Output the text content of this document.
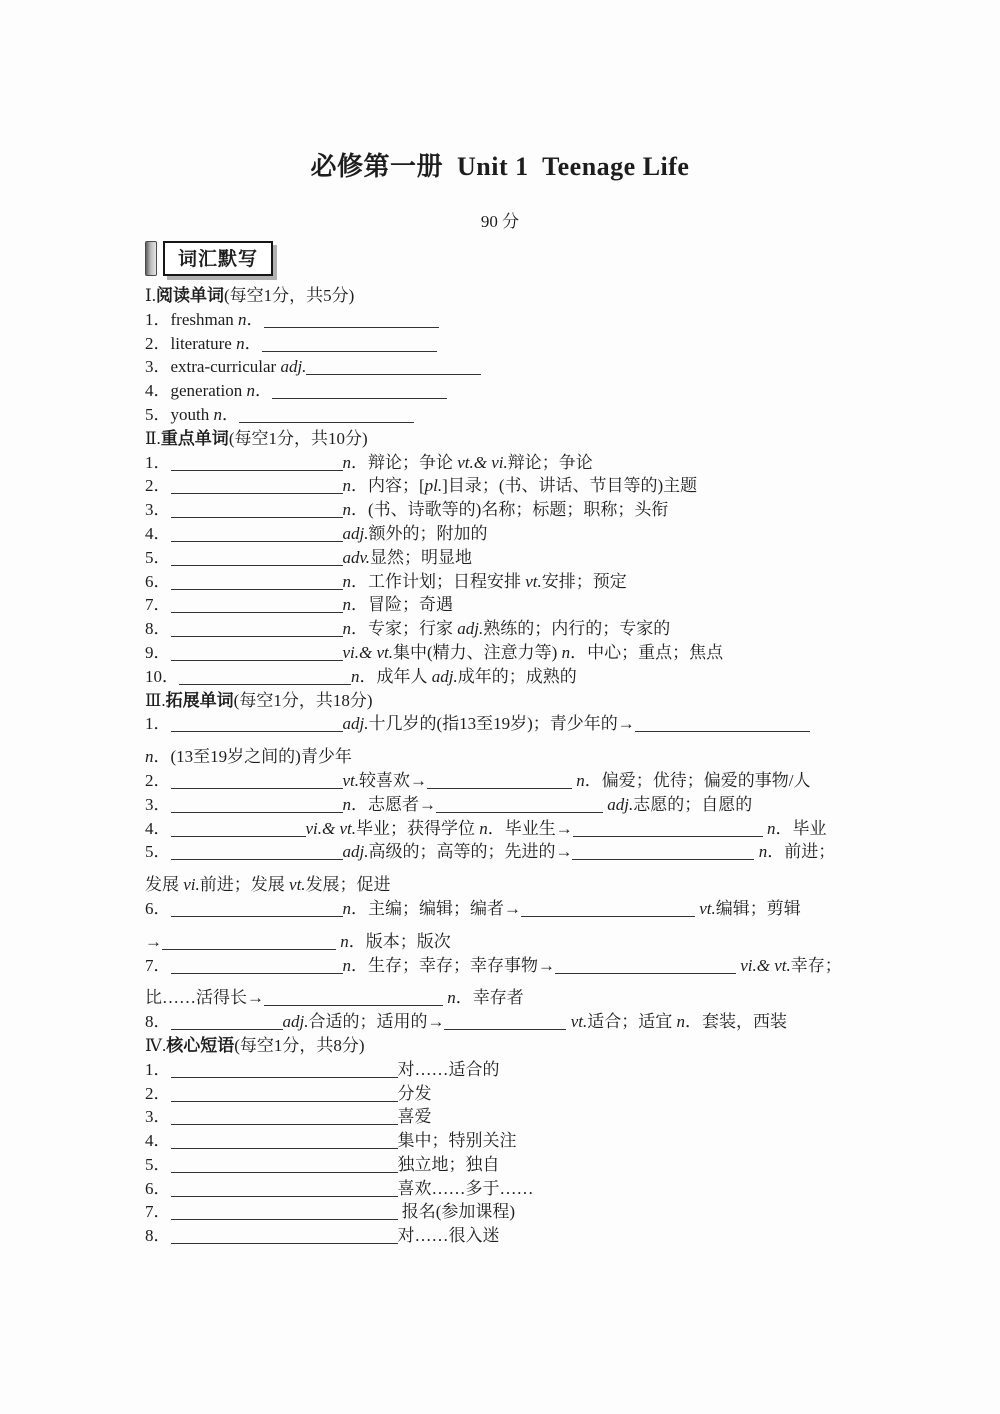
必修第一册  Unit 1  Teenage Life
90 分
词汇默写
Ⅰ.阅读单词(每空1分，共5分)
1．freshman n．
2．literature n．
3．extra-curricular adj.
4．generation n．
5．youth n．
Ⅱ.重点单词(每空1分，共10分)
1．	n．辩论；争论 vt.& vi.辩论；争论
2．	n．内容；[pl.]目录；(书、讲话、节目等的)主题
3．	n．(书、诗歌等的)名称；标题；职称；头衔
4．	adj.额外的；附加的
5．	adv.显然；明显地
6．	n．工作计划；日程安排 vt.安排；预定
7．	n．冒险；奇遇
8．	n．专家；行家 adj.熟练的；内行的；专家的
9．	vi.& vt.集中(精力、注意力等) n．中心；重点；焦点
10．	n．成年人 adj.成年的；成熟的
Ⅲ.拓展单词(每空1分，共18分)
1．	adj.十几岁的(指13至19岁)；青少年的→
n．(13至19岁之间的)青少年
2．	vt.较喜欢→	n．偏爱；优待；偏爱的事物/人
3．	n．志愿者→	adj.志愿的；自愿的
4．	vi.& vt.毕业；获得学位 n．毕业生→	n．毕业
5．	adj.高级的；高等的；先进的→	n．前进；
发展 vi.前进；发展 vt.发展；促进
6．	n．主编；编辑；编者→	vt.编辑；剪辑
→	n．版本；版次
7．	n．生存；幸存；幸存事物→	vi.& vt.幸存；
比……活得长→	n．幸存者
8．	adj.合适的；适用的→	vt.适合；适宜 n．套装，西装
Ⅳ.核心短语(每空1分，共8分)
1．	对……适合的
2．	分发
3．	喜爱
4．	集中；特别关注
5．	独立地；独自
6．	喜欢……多于……
7．	报名(参加课程)
8．	对……很入迷
